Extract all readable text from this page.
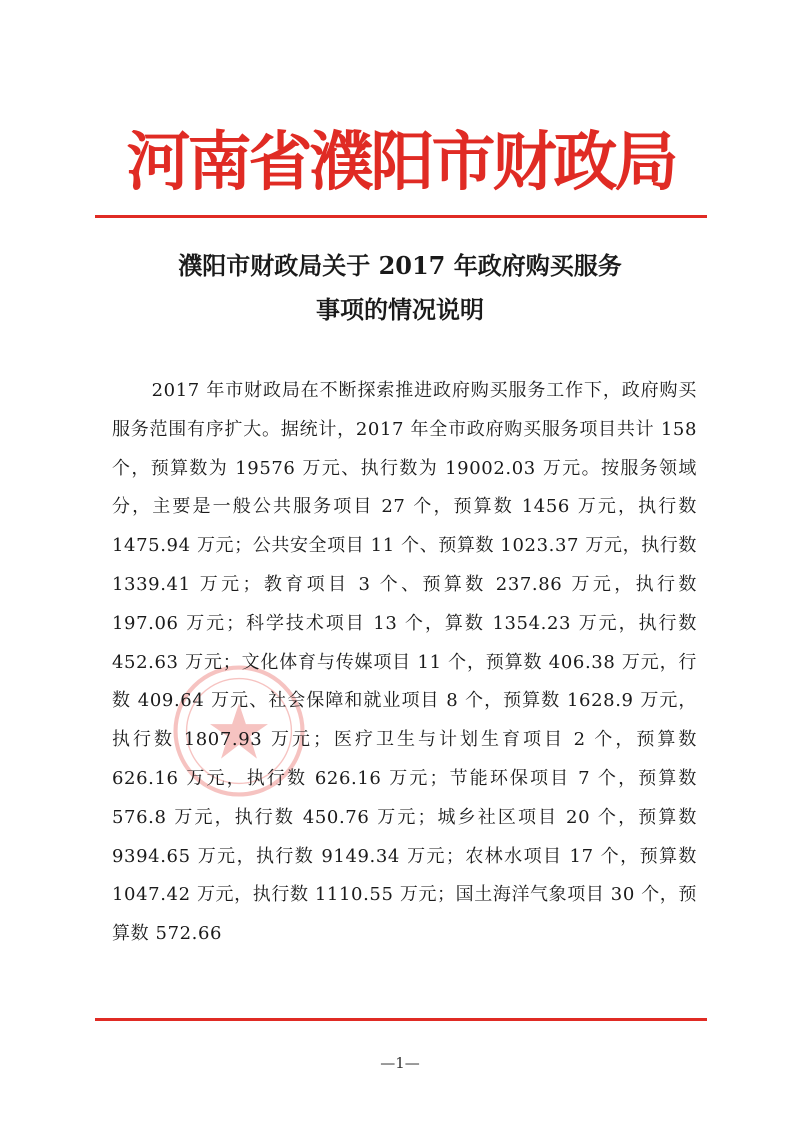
河南省濮阳市财政局
濮阳市财政局关于 2017 年政府购买服务
事项的情况说明

2017 年市财政局在不断探索推进政府购买服务工作下，政府购买服务范围有序扩大。据统计，2017 年全市政府购买服务项目共计 158 个，预算数为 19576 万元、执行数为 19002.03 万元。按服务领域分，主要是一般公共服务项目 27 个，预算数 1456 万元，执行数 1475.94 万元；公共安全项目 11 个、预算数 1023.37 万元，执行数 1339.41 万元；教育项目 3 个、预算数 237.86 万元，执行数 197.06 万元；科学技术项目 13 个，算数 1354.23 万元，执行数 452.63 万元；文化体育与传媒项目 11 个，预算数 406.38 万元，行数 409.64 万元、社会保障和就业项目 8 个，预算数 1628.9 万元，执行数 1807.93 万元；医疗卫生与计划生育项目 2 个，预算数 626.16 万元，执行数 626.16 万元；节能环保项目 7 个，预算数 576.8 万元，执行数 450.76 万元；城乡社区项目 20 个，预算数 9394.65 万元，执行数 9149.34 万元；农林水项目 17 个，预算数 1047.42 万元，执行数 1110.55 万元；国土海洋气象项目 30 个，预算数 572.66

—1—
